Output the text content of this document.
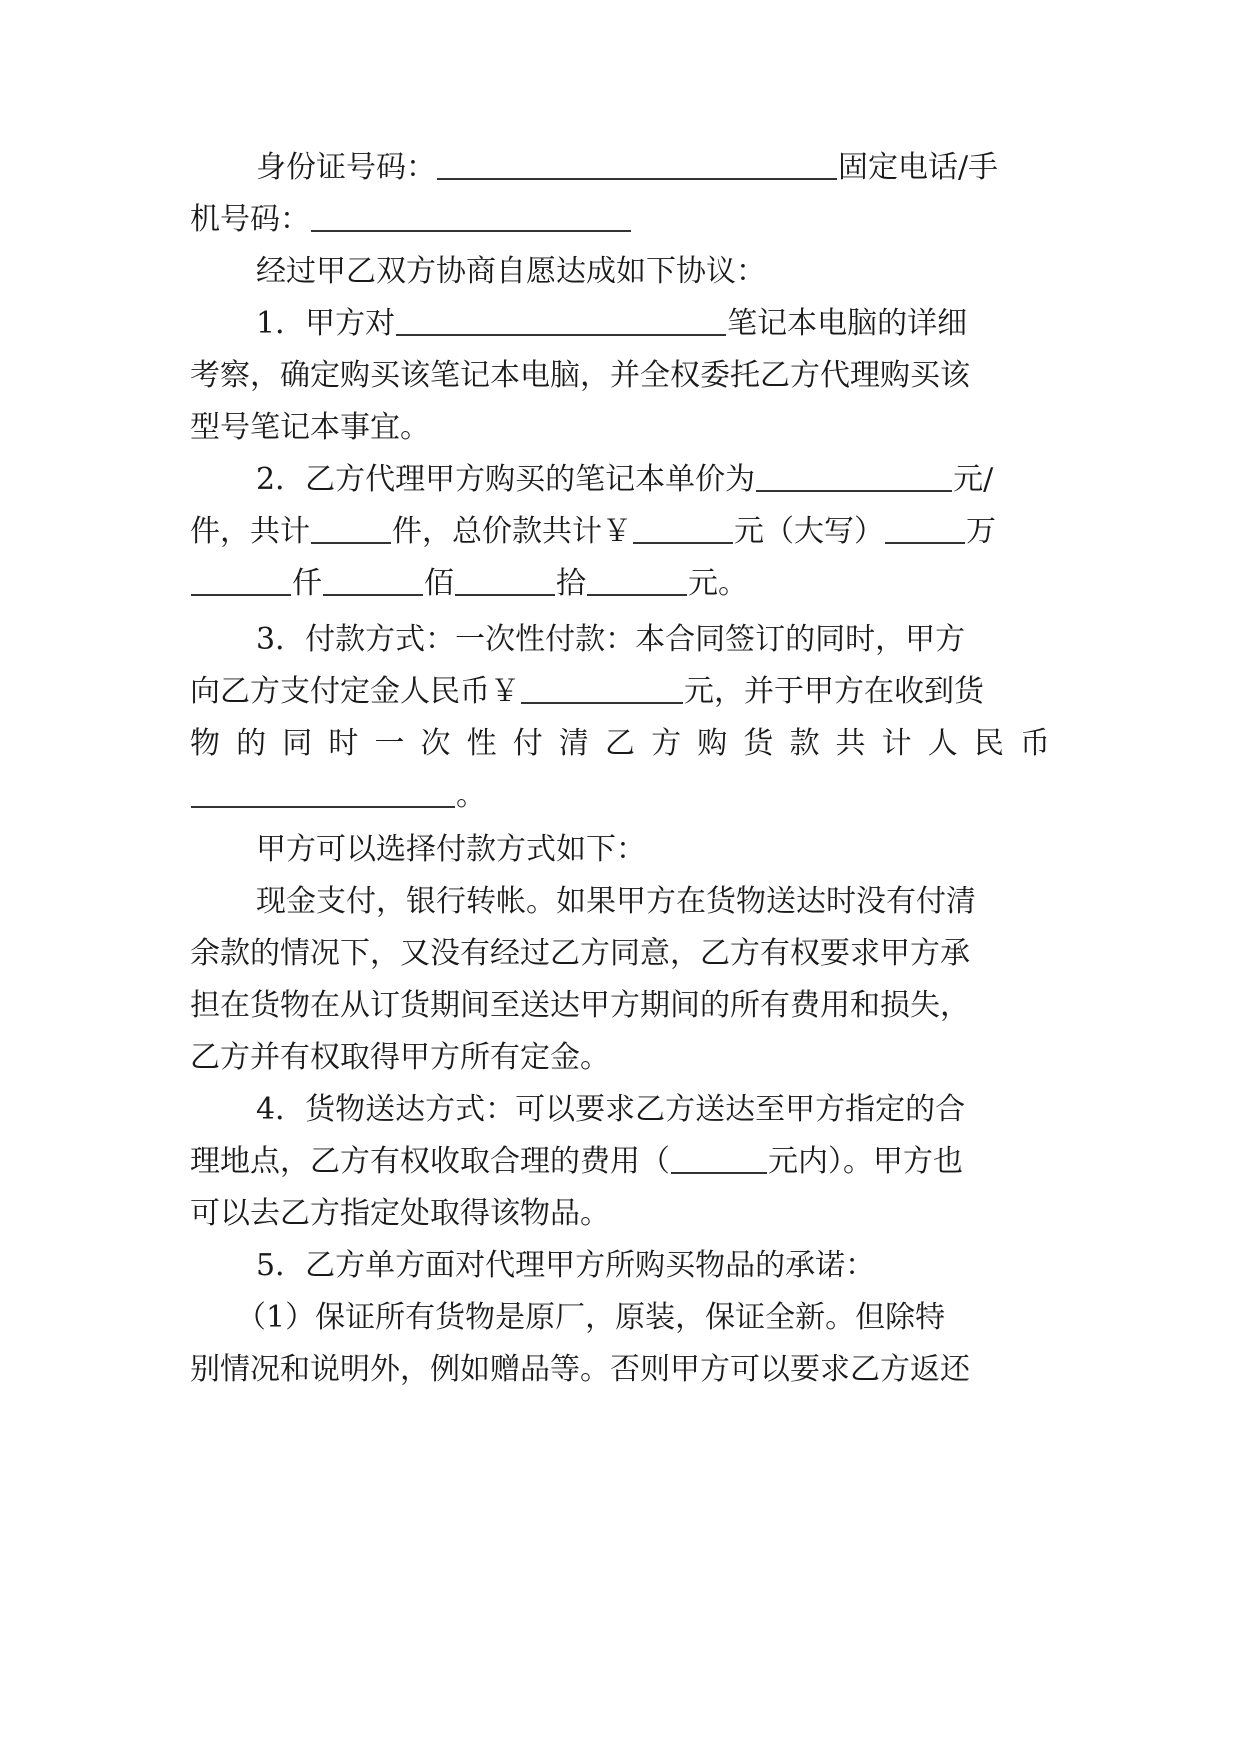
身份证号码：	固定电话/手
机号码：
经过甲乙双方协商自愿达成如下协议：
1．甲方对	笔记本电脑的详细
考察，确定购买该笔记本电脑，并全权委托乙方代理购买该
型号笔记本事宜。
2．乙方代理甲方购买的笔记本单价为	元/
件，共计	件，总价款共计￥	元（大写）	万
仟	佰	拾	元。
3．付款方式：一次性付款：本合同签订的同时，甲方
向乙方支付定金人民币￥	元，并于甲方在收到货
物的同时一次性付清乙方购货款共计人民币
。
甲方可以选择付款方式如下：
现金支付，银行转帐。如果甲方在货物送达时没有付清
余款的情况下，又没有经过乙方同意，乙方有权要求甲方承
担在货物在从订货期间至送达甲方期间的所有费用和损失，
乙方并有权取得甲方所有定金。
4．货物送达方式：可以要求乙方送达至甲方指定的合
理地点，乙方有权收取合理的费用（	元内）。甲方也
可以去乙方指定处取得该物品。
5．乙方单方面对代理甲方所购买物品的承诺：
（1）保证所有货物是原厂，原装，保证全新。但除特
别情况和说明外，例如赠品等。否则甲方可以要求乙方返还
